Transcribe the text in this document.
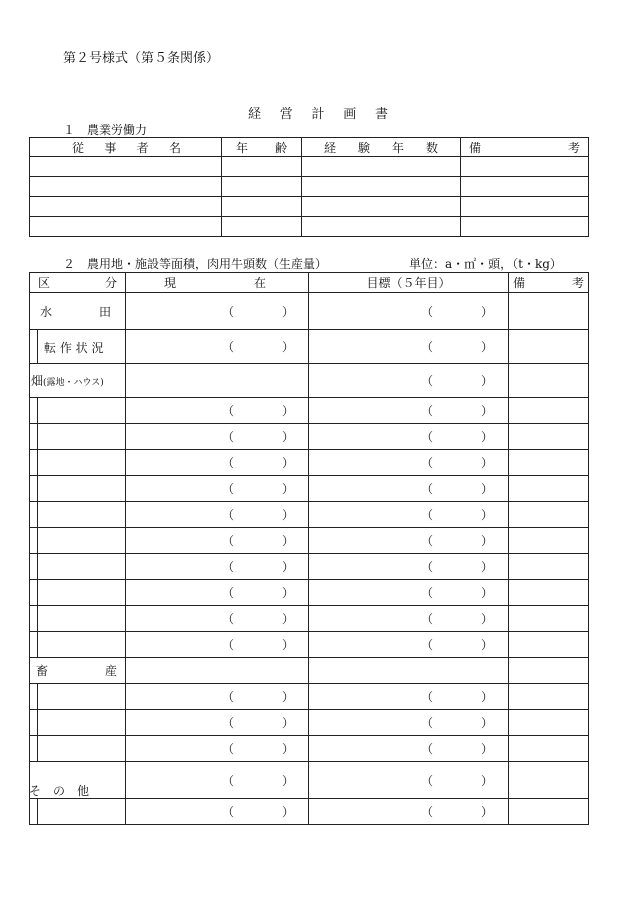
第２号様式（第５条関係）
経 営 計 画 書
１　農業労働力
従 事 者 名	年 齢	経 験 年 数	備 考

２　農用地・施設等面積，肉用牛頭数（生産量）	単位：a・㎡・頭，（t・kg）
区 分	現 在	目標（５年目）	備 考

水 田	（ ）	（ ）	

転 作 状 況	（ ）	（ ）	

畑(露地・ハウス)		（ ）	

	（ ）	（ ）	

	（ ）	（ ）	

	（ ）	（ ）	

	（ ）	（ ）	

	（ ）	（ ）	

	（ ）	（ ）	

	（ ）	（ ）	

	（ ）	（ ）	

	（ ）	（ ）	

	（ ）	（ ）	

畜 産			

	（ ）	（ ）	

	（ ）	（ ）	

	（ ）	（ ）	

そ　の　他	（ ）	（ ）	

	（ ）	（ ）	
